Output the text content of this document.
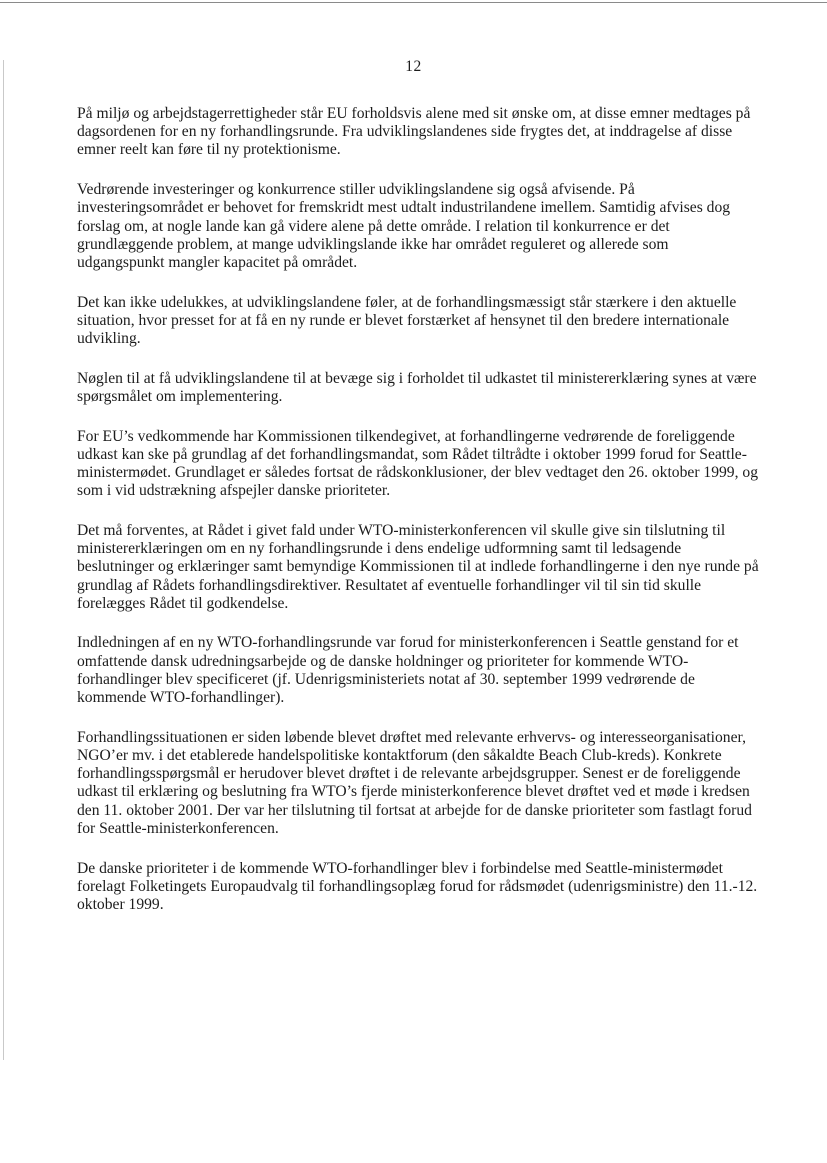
12

På miljø og arbejdstagerrettigheder står EU forholdsvis alene med sit ønske om, at disse emner medtages på dagsordenen for en ny forhandlingsrunde. Fra udviklingslandenes side frygtes det, at inddragelse af disse emner reelt kan føre til ny protektionisme.

Vedrørende investeringer og konkurrence stiller udviklingslandene sig også afvisende. På investeringsområdet er behovet for fremskridt mest udtalt industrilandene imellem. Samtidig afvises dog forslag om, at nogle lande kan gå videre alene på dette område. I relation til konkurrence er det grundlæggende problem, at mange udviklingslande ikke har området reguleret og allerede som udgangspunkt mangler kapacitet på området.

Det kan ikke udelukkes, at udviklingslandene føler, at de forhandlingsmæssigt står stærkere i den aktuelle situation, hvor presset for at få en ny runde er blevet forstærket af hensynet til den bredere internationale udvikling.

Nøglen til at få udviklingslandene til at bevæge sig i forholdet til udkastet til ministererklæring synes at være spørgsmålet om implementering.

For EU’s vedkommende har Kommissionen tilkendegivet, at forhandlingerne vedrørende de foreliggende udkast kan ske på grundlag af det forhandlingsmandat, som Rådet tiltrådte i oktober 1999 forud for Seattle-ministermødet. Grundlaget er således fortsat de rådskonklusioner, der blev vedtaget den 26. oktober 1999, og som i vid udstrækning afspejler danske prioriteter.

Det må forventes, at Rådet i givet fald under WTO-ministerkonferencen vil skulle give sin tilslutning til ministererklæringen om en ny forhandlingsrunde i dens endelige udformning samt til ledsagende beslutninger og erklæringer samt bemyndige Kommissionen til at indlede forhandlingerne i den nye runde på grundlag af Rådets forhandlingsdirektiver. Resultatet af eventuelle forhandlinger vil til sin tid skulle forelægges Rådet til godkendelse.

Indledningen af en ny WTO-forhandlingsrunde var forud for ministerkonferencen i Seattle genstand for et omfattende dansk udredningsarbejde og de danske holdninger og prioriteter for kommende WTO-forhandlinger blev specificeret (jf. Udenrigsministeriets notat af 30. september 1999 vedrørende de kommende WTO-forhandlinger).

Forhandlingssituationen er siden løbende blevet drøftet med relevante erhvervs- og interesseorganisationer, NGO’er mv. i det etablerede handelspolitiske kontaktforum (den såkaldte Beach Club-kreds). Konkrete forhandlingsspørgsmål er herudover blevet drøftet i de relevante arbejdsgrupper. Senest er de foreliggende udkast til erklæring og beslutning fra WTO’s fjerde ministerkonference blevet drøftet ved et møde i kredsen den 11. oktober 2001. Der var her tilslutning til fortsat at arbejde for de danske prioriteter som fastlagt forud for Seattle-ministerkonferencen.

De danske prioriteter i de kommende WTO-forhandlinger blev i forbindelse med Seattle-ministermødet forelagt Folketingets Europaudvalg til forhandlingsoplæg forud for rådsmødet (udenrigsministre) den 11.-12. oktober 1999.
